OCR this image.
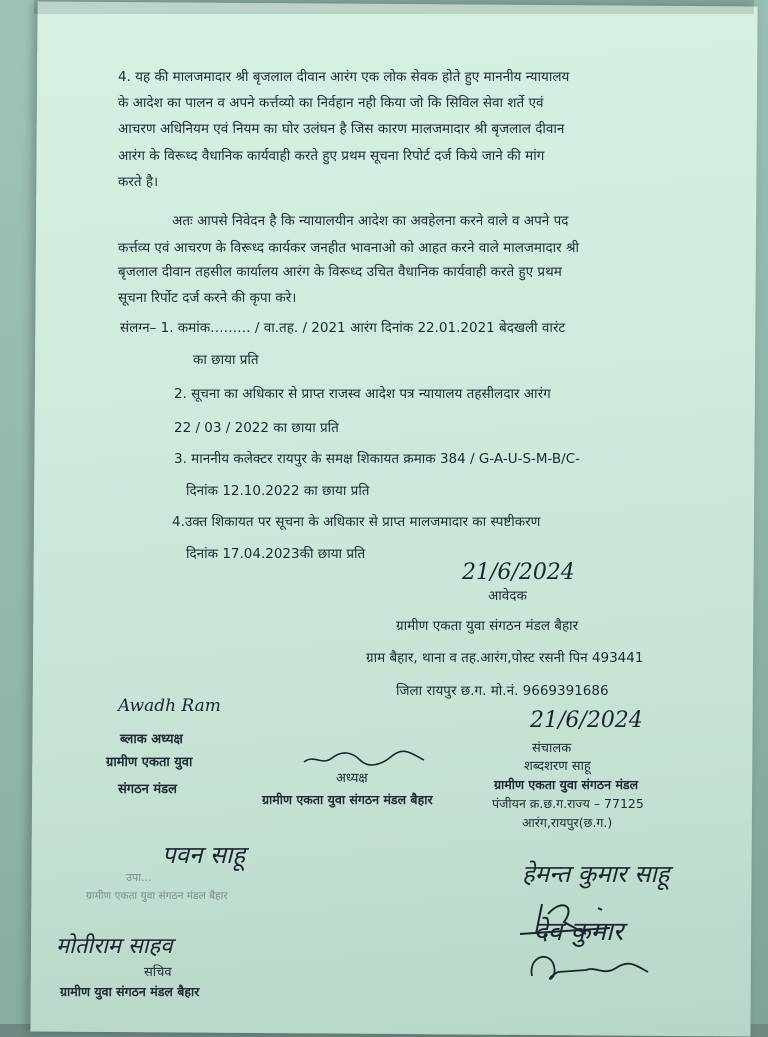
4. यह की मालजमादार श्री बृजलाल दीवान आरंग एक लोक सेवक होते हुए माननीय न्यायालय
के आदेश का पालन व अपने कर्त्तव्यो का निर्वहान नही किया जो कि सिविल सेवा शर्ते एवं
आचरण अधिनियम एवं नियम का घोर उलंघन है जिस कारण मालजमादार श्री बृजलाल दीवान
आरंग के विरूध्द वैधानिक कार्यवाही करते हुए प्रथम सूचना रिपोर्ट दर्ज किये जाने की मांग
करते है।
अतः आपसे निवेदन है कि न्यायालयीन आदेश का अवहेलना करने वाले व अपने पद
कर्त्तव्य एवं आचरण के विरूध्द कार्यकर जनहीत भावनाओ को आहत करने वाले मालजमादार श्री
बृजलाल दीवान तहसील कार्यालय आरंग के विरूध्द उचित वैधानिक कार्यवाही करते हुए प्रथम
सूचना रिर्पोट दर्ज करने की कृपा करे।
संलग्न– 1. कमांक……… / वा.तह. / 2021 आरंग दिनांक 22.01.2021 बेदखली वारंट
का छाया प्रति
2. सूचना का अधिकार से प्राप्त राजस्व आदेश पत्र न्यायालय तहसीलदार आरंग
22 / 03 / 2022 का छाया प्रति
3. माननीय कलेक्टर रायपुर के समक्ष शिकायत क्रमाक 384 / G-A-U-S-M-B/C-
दिनांक 12.10.2022 का छाया प्रति
4.उक्त शिकायत पर सूचना के अधिकार से प्राप्त मालजमादार का स्पष्टीकरण
दिनांक 17.04.2023की छाया प्रति
21/6/2024
आवेदक
ग्रामीण एकता युवा संगठन मंडल बैहार
ग्राम बैहार, थाना व तह.आरंग,पोस्ट रसनी पिन 493441
जिला रायपुर छ.ग. मो.नं. 9669391686
Awadh Ram
ब्लाक अध्यक्ष
ग्रामीण एकता युवा
संगठन मंडल
अध्यक्ष
ग्रामीण एकता युवा संगठन मंडल बैहार
21/6/2024
संचालक
शब्दशरण साहू
ग्रामीण एकता युवा संगठन मंडल
पंजीयन क्र.छ.ग.राज्य – 77125
आरंग,रायपुर(छ.ग.)
पवन साहू
उपा...
ग्रामीण एकता युवा संगठन मंडल बैहार
हेमन्त कुमार साहू
देव कुमार
मोतीराम साहव
सचिव
ग्रामीण युवा संगठन मंडल बैहार
